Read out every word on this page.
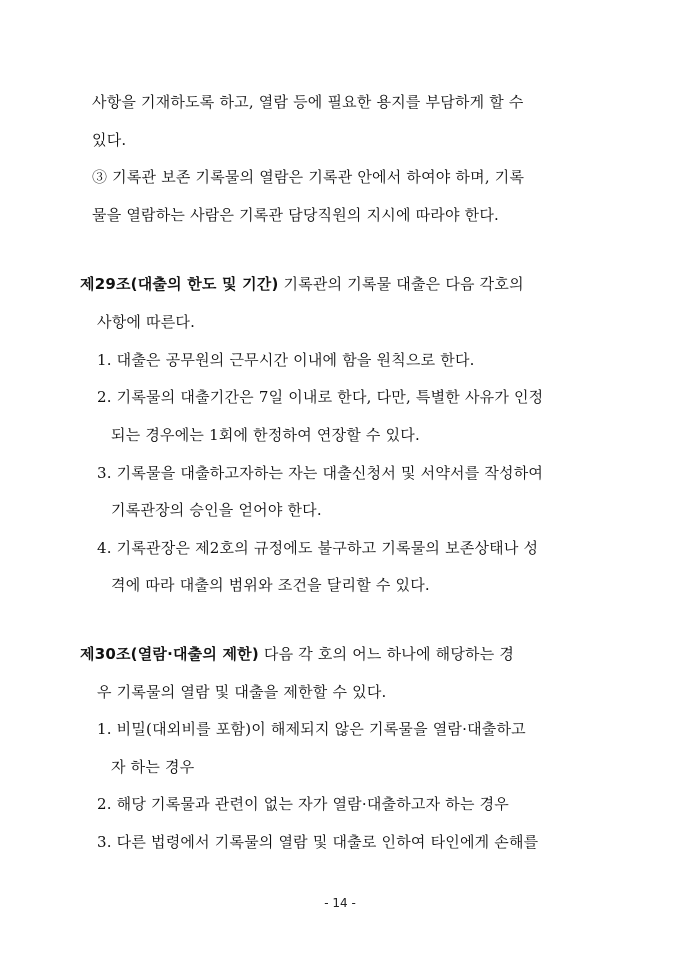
사항을 기재하도록 하고, 열람 등에 필요한 용지를 부담하게 할 수
있다.
③ 기록관 보존 기록물의 열람은 기록관 안에서 하여야 하며, 기록
물을 열람하는 사람은 기록관 담당직원의 지시에 따라야 한다.
제29조(대출의 한도 및 기간) 기록관의 기록물 대출은 다음 각호의
사항에 따른다.
1. 대출은 공무원의 근무시간 이내에 함을 원칙으로 한다.
2. 기록물의 대출기간은 7일 이내로 한다, 다만, 특별한 사유가 인정
되는 경우에는 1회에 한정하여 연장할 수 있다.
3. 기록물을 대출하고자하는 자는 대출신청서 및 서약서를 작성하여
기록관장의 승인을 얻어야 한다.
4. 기록관장은 제2호의 규정에도 불구하고 기록물의 보존상태나 성
격에 따라 대출의 범위와 조건을 달리할 수 있다.
제30조(열람·대출의 제한) 다음 각 호의 어느 하나에 해당하는 경
우 기록물의 열람 및 대출을 제한할 수 있다.
1. 비밀(대외비를 포함)이 해제되지 않은 기록물을 열람·대출하고
자 하는 경우
2. 해당 기록물과 관련이 없는 자가 열람·대출하고자 하는 경우
3. 다른 법령에서 기록물의 열람 및 대출로 인하여 타인에게 손해를
- 14 -
